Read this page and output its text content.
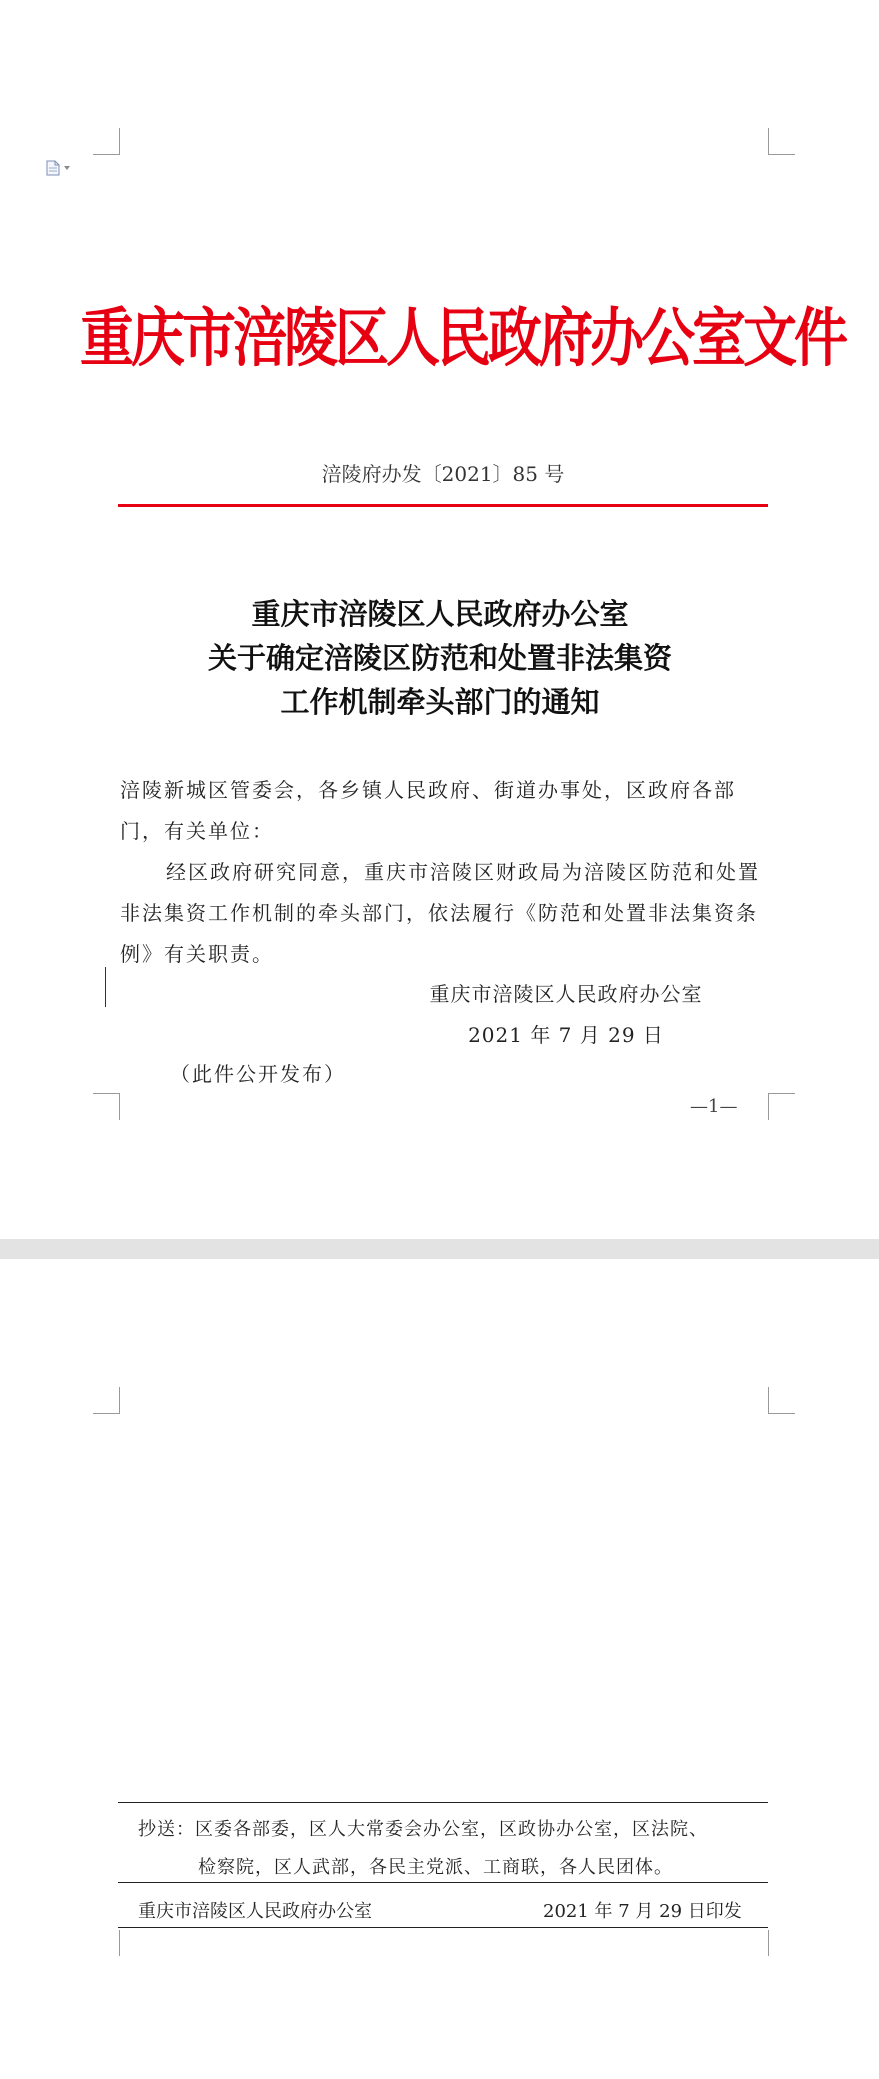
重庆市涪陵区人民政府办公室文件
涪陵府办发〔2021〕85 号
重庆市涪陵区人民政府办公室
关于确定涪陵区防范和处置非法集资
工作机制牵头部门的通知
涪陵新城区管委会，各乡镇人民政府、街道办事处，区政府各部门，有关单位：
经区政府研究同意，重庆市涪陵区财政局为涪陵区防范和处置非法集资工作机制的牵头部门，依法履行《防范和处置非法集资条例》有关职责。
重庆市涪陵区人民政府办公室
2021 年 7 月 29 日
（此件公开发布）
—1—
抄送：区委各部委，区人大常委会办公室，区政协办公室，区法院、
检察院，区人武部，各民主党派、工商联，各人民团体。
重庆市涪陵区人民政府办公室	2021 年 7 月 29 日印发
